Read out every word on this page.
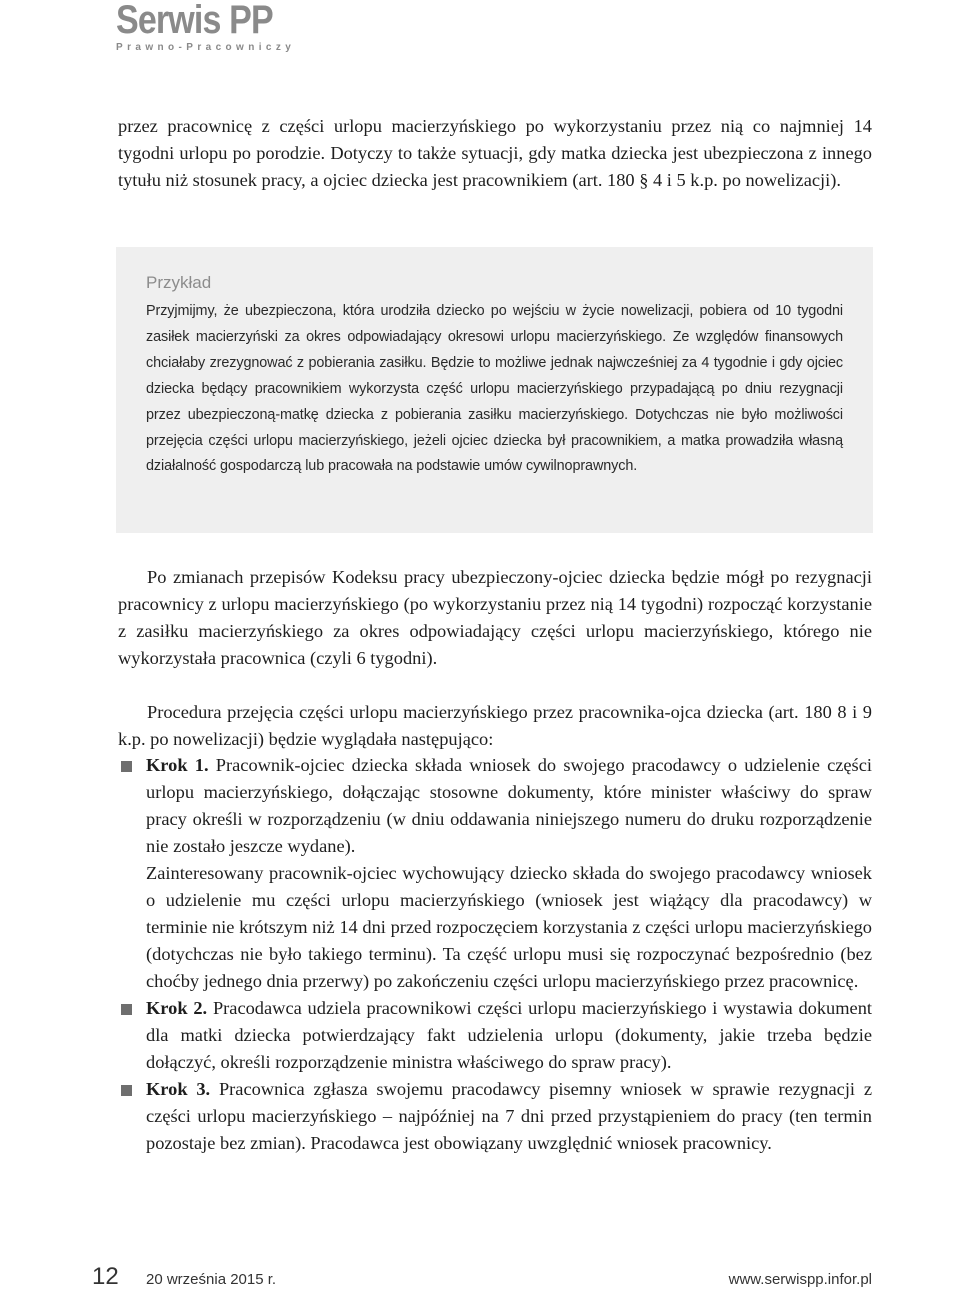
Serwis PP
Prawno-Pracowniczy

przez pracownicę z części urlopu macierzyńskiego po wykorzystaniu przez nią co najmniej 14 tygodni urlopu po porodzie. Dotyczy to także sytuacji, gdy matka dziecka jest ubezpieczona z innego tytułu niż stosunek pracy, a ojciec dziecka jest pracownikiem (art. 180 § 4 i 5 k.p. po nowelizacji).

Przykład

Przyjmijmy, że ubezpieczona, która urodziła dziecko po wejściu w życie nowelizacji, pobiera od 10 tygodni zasiłek macierzyński za okres odpowiadający okresowi urlopu macierzyńskiego. Ze względów finansowych chciałaby zrezygnować z pobierania zasiłku. Będzie to możliwe jednak najwcześniej za 4 tygodnie i gdy ojciec dziecka będący pracownikiem wykorzysta część urlopu macierzyńskiego przypadającą po dniu rezygnacji przez ubezpieczoną-matkę dziecka z pobierania zasiłku macierzyńskiego. Dotychczas nie było możliwości przejęcia części urlopu macierzyńskiego, jeżeli ojciec dziecka był pracownikiem, a matka prowadziła własną działalność gospodarczą lub pracowała na podstawie umów cywilnoprawnych.

Po zmianach przepisów Kodeksu pracy ubezpieczony-ojciec dziecka będzie mógł po rezygnacji pracownicy z urlopu macierzyńskiego (po wykorzystaniu przez nią 14 tygodni) rozpocząć korzystanie z zasiłku macierzyńskiego za okres odpowiadający części urlopu macierzyńskiego, którego nie wykorzystała pracownica (czyli 6 tygodni).

Procedura przejęcia części urlopu macierzyńskiego przez pracownika-ojca dziecka (art. 180 8 i 9 k.p. po nowelizacji) będzie wyglądała następująco:

Krok 1. Pracownik-ojciec dziecka składa wniosek do swojego pracodawcy o udzielenie części urlopu macierzyńskiego, dołączając stosowne dokumenty, które minister właściwy do spraw pracy określi w rozporządzeniu (w dniu oddawania niniejszego numeru do druku rozporządzenie nie zostało jeszcze wydane).
Zainteresowany pracownik-ojciec wychowujący dziecko składa do swojego pracodawcy wniosek o udzielenie mu części urlopu macierzyńskiego (wniosek jest wiążący dla pracodawcy) w terminie nie krótszym niż 14 dni przed rozpoczęciem korzystania z części urlopu macierzyńskiego (dotychczas nie było takiego terminu). Ta część urlopu musi się rozpoczynać bezpośrednio (bez choćby jednego dnia przerwy) po zakończeniu części urlopu macierzyńskiego przez pracownicę.
Krok 2. Pracodawca udziela pracownikowi części urlopu macierzyńskiego i wystawia dokument dla matki dziecka potwierdzający fakt udzielenia urlopu (dokumenty, jakie trzeba będzie dołączyć, określi rozporządzenie ministra właściwego do spraw pracy).
Krok 3. Pracownica zgłasza swojemu pracodawcy pisemny wniosek w sprawie rezygnacji z części urlopu macierzyńskiego – najpóźniej na 7 dni przed przystąpieniem do pracy (ten termin pozostaje bez zmian). Pracodawca jest obowiązany uwzględnić wniosek pracownicy.
12 20 września 2015 r.	www.serwispp.infor.pl
